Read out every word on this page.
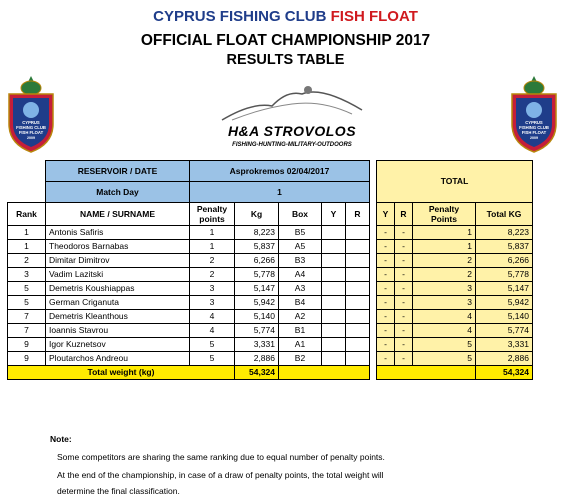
CYPRUS FISHING CLUB FISH FLOAT
OFFICIAL FLOAT CHAMPIONSHIP 2017
RESULTS TABLE
CYPRUS
FISHING CLUB
FISH FLOAT
2009
CYPRUS
FISHING CLUB
FISH FLOAT
2009
H&A STROVOLOS
FISHING-HUNTING-MILITARY-OUTDOORS
	RESERVOIR / DATE	Asprokremos 02/04/2017						TOTAL			
	Match Day	1									
Rank	NAME / SURNAME	Penalty points	Kg	Box	Y	R		Y	R	Penalty Points	Total KG
1	Antonis Safiris	1	8,223	B5				-	-	1	8,223
1	Theodoros Barnabas	1	5,837	A5				-	-	1	5,837
2	Dimitar Dimitrov	2	6,266	B3				-	-	2	6,266
3	Vadim Lazitski	2	5,778	A4				-	-	2	5,778
5	Demetris Koushiappas	3	5,147	A3				-	-	3	5,147
5	German Criganuta	3	5,942	B4				-	-	3	5,942
7	Demetris Kleanthous	4	5,140	A2				-	-	4	5,140
7	Ioannis Stavrou	4	5,774	B1				-	-	4	5,774
9	Igor Kuznetsov	5	3,331	A1				-	-	5	3,331
9	Ploutarchos Andreou	5	2,886	B2				-	-	5	2,886
Total weight (kg)			54,324								54,324
Note:
Some competitors are sharing the same ranking due to equal number of penalty points.
At the end of the championship, in case of a draw of penalty points, the total weight will
determine the final classification.
